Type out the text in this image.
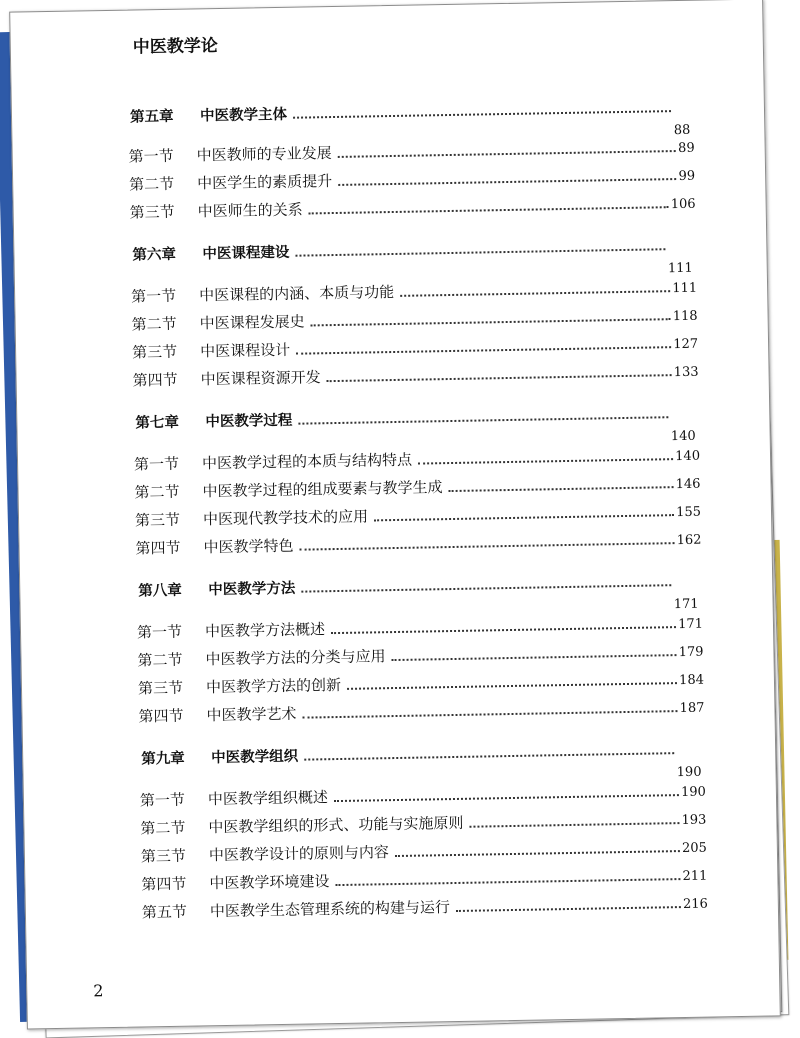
中医教学论
第五章	中医教学主体
88
第一节	中医教师的专业发展	89
第二节	中医学生的素质提升	99
第三节	中医师生的关系	106
第六章	中医课程建设
111
第一节	中医课程的内涵、本质与功能	111
第二节	中医课程发展史	118
第三节	中医课程设计	127
第四节	中医课程资源开发	133
第七章	中医教学过程
140
第一节	中医教学过程的本质与结构特点	140
第二节	中医教学过程的组成要素与教学生成	146
第三节	中医现代教学技术的应用	155
第四节	中医教学特色	162
第八章	中医教学方法
171
第一节	中医教学方法概述	171
第二节	中医教学方法的分类与应用	179
第三节	中医教学方法的创新	184
第四节	中医教学艺术	187
第九章	中医教学组织
190
第一节	中医教学组织概述	190
第二节	中医教学组织的形式、功能与实施原则	193
第三节	中医教学设计的原则与内容	205
第四节	中医教学环境建设	211
第五节	中医教学生态管理系统的构建与运行	216
2
